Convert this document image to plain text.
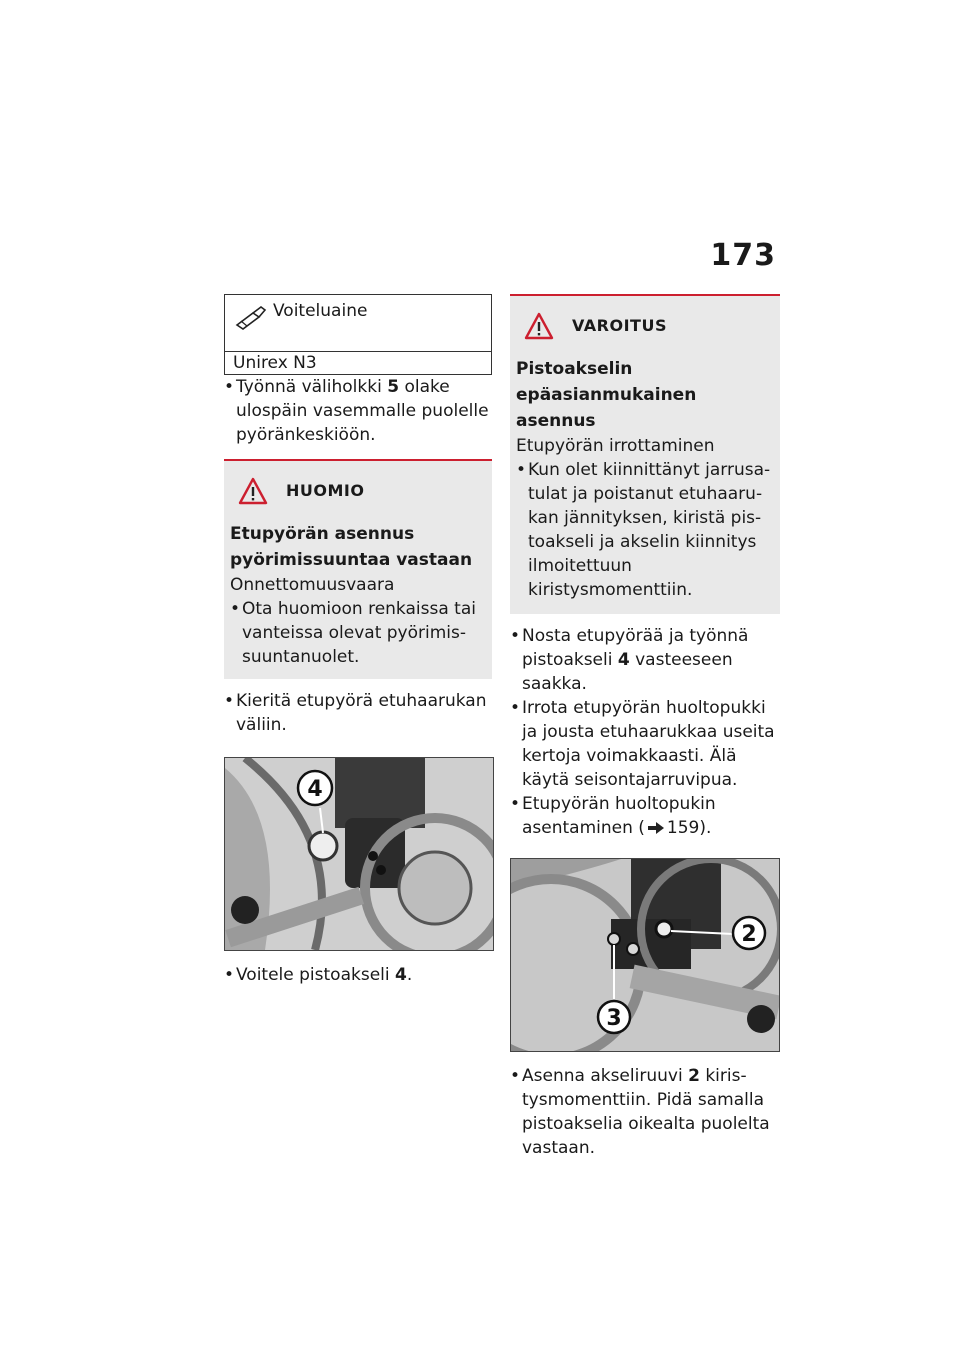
173
Voiteluaine
Unirex N3
• Työnnä väliholkki 5 olake ulospäin vasemmalle puolelle pyöränkeskiöön.
HUOMIO
Etupyörän asennus pyörimissuuntaa vastaan
Onnettomuusvaara
• Ota huomioon renkaissa tai vanteissa olevat pyörimissuuntanuolet.
• Kieritä etupyörä etuhaarukan väliin.
4
• Voitele pistoakseli 4.
VAROITUS
Pistoakselin epäasianmukainen asennus
Etupyörän irrottaminen
• Kun olet kiinnittänyt jarrusatulat ja poistanut etuhaarukan jännityksen, kiristä pistoakseli ja akselin kiinnitys ilmoitettuun kiristysmomenttiin.
• Nosta etupyörää ja työnnä pistoakseli 4 vasteeseen saakka.
• Irrota etupyörän huoltopukki ja jousta etuhaarukkaa useita kertoja voimakkaasti. Älä käytä seisontajarruvipua.
• Etupyörän huoltopukin asentaminen ( 159).
2
3
• Asenna akseliruuvi 2 kiristysmomenttiin. Pidä samalla pistoakselia oikealta puolelta vastaan.
